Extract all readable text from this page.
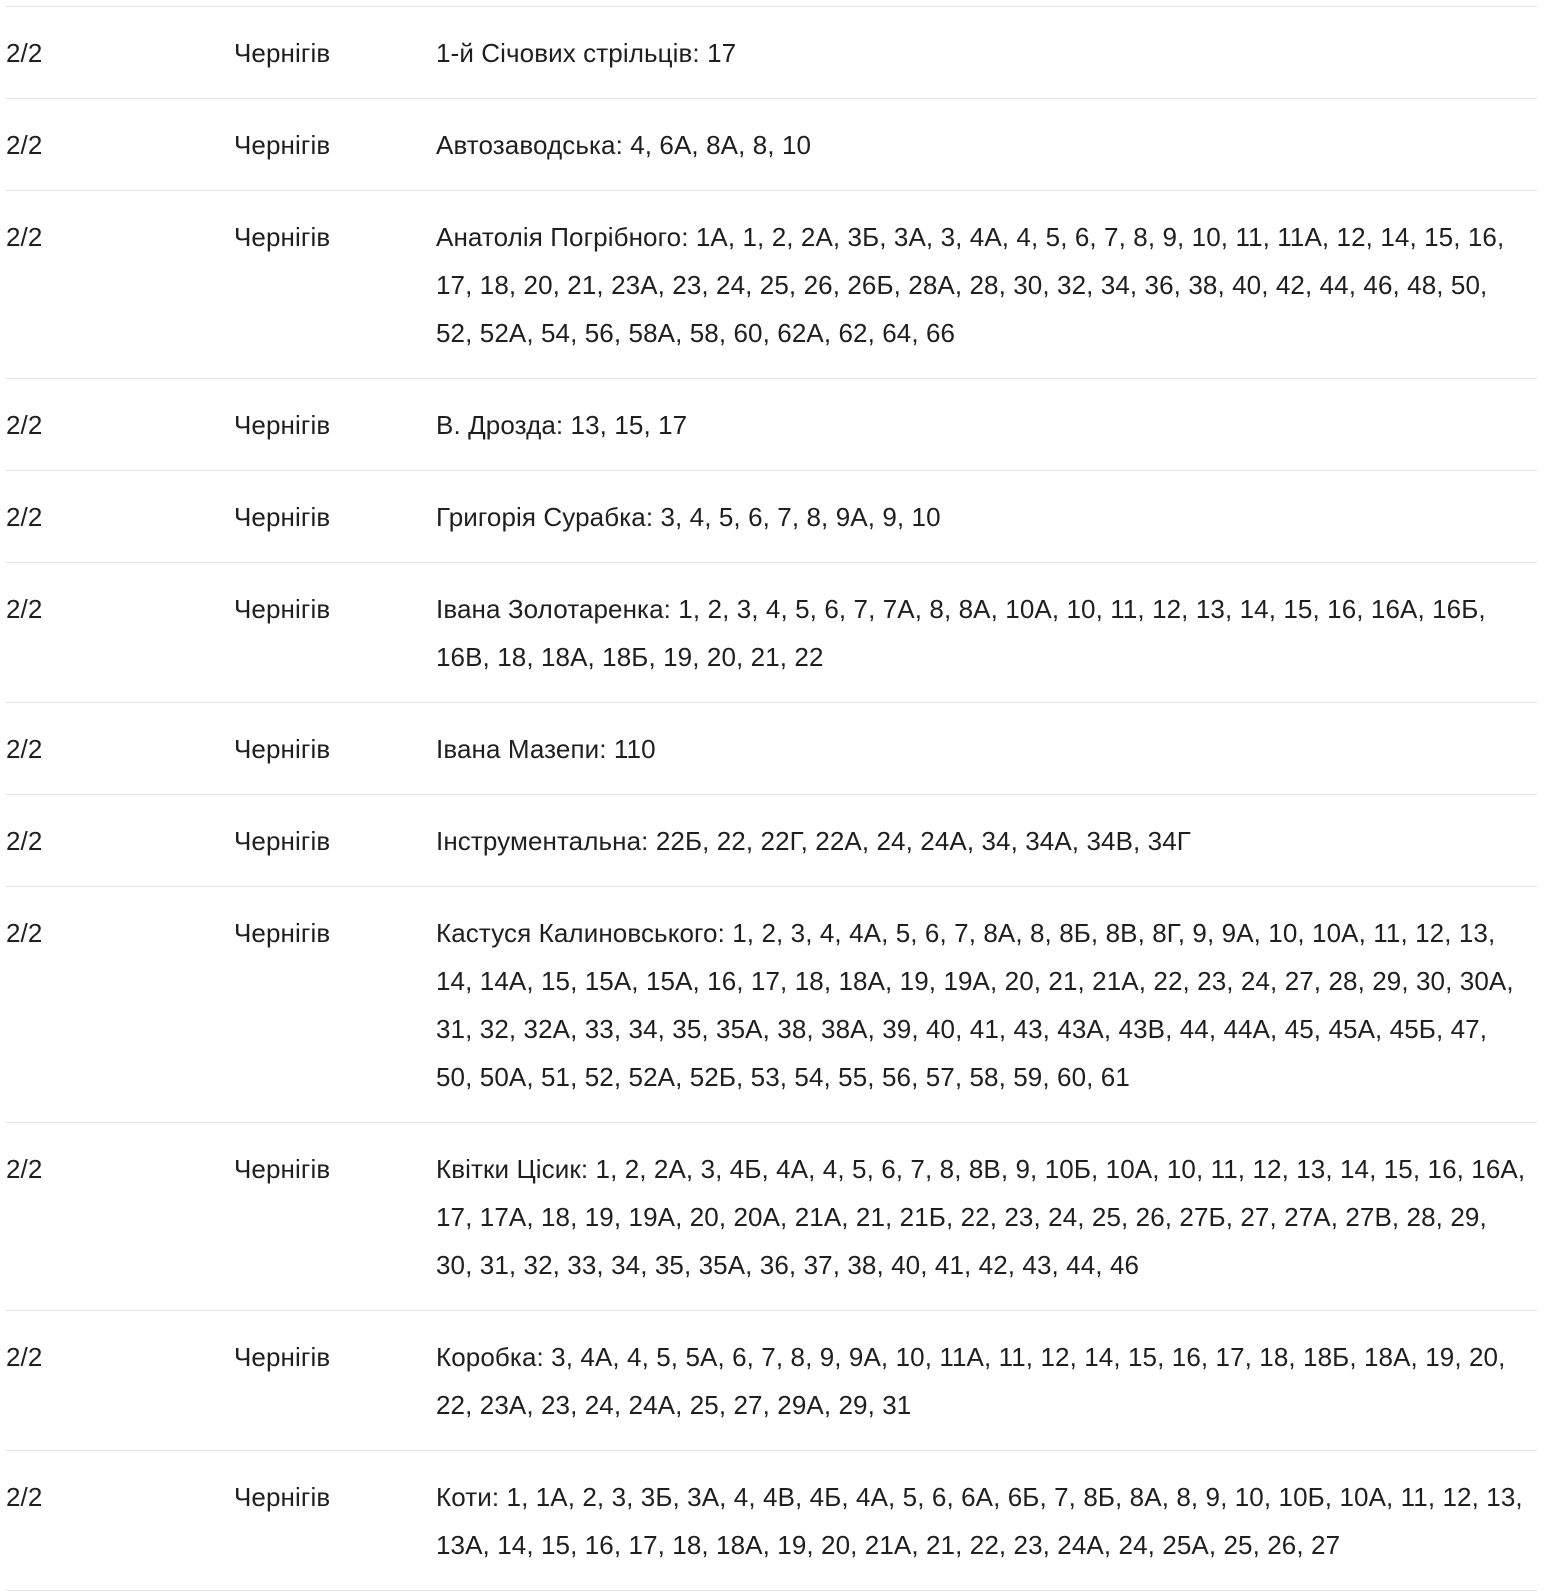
2/2	Чернігів	1-й Січових стрільців: 17
2/2	Чернігів	Автозаводська: 4, 6А, 8А, 8, 10
2/2	Чернігів	Анатолія Погрібного: 1А, 1, 2, 2А, 3Б, 3А, 3, 4А, 4, 5, 6, 7, 8, 9, 10, 11, 11А, 12, 14, 15, 16, 17, 18, 20, 21, 23А, 23, 24, 25, 26, 26Б, 28А, 28, 30, 32, 34, 36, 38, 40, 42, 44, 46, 48, 50, 52, 52А, 54, 56, 58А, 58, 60, 62А, 62, 64, 66
2/2	Чернігів	В. Дрозда: 13, 15, 17
2/2	Чернігів	Григорія Сурабка: 3, 4, 5, 6, 7, 8, 9А, 9, 10
2/2	Чернігів	Івана Золотаренка: 1, 2, 3, 4, 5, 6, 7, 7А, 8, 8А, 10А, 10, 11, 12, 13, 14, 15, 16, 16А, 16Б, 16В, 18, 18А, 18Б, 19, 20, 21, 22
2/2	Чернігів	Івана Мазепи: 110
2/2	Чернігів	Інструментальна: 22Б, 22, 22Г, 22А, 24, 24А, 34, 34А, 34В, 34Г
2/2	Чернігів	Кастуся Калиновського: 1, 2, 3, 4, 4А, 5, 6, 7, 8А, 8, 8Б, 8В, 8Г, 9, 9А, 10, 10А, 11, 12, 13, 14, 14А, 15, 15А, 15А, 16, 17, 18, 18А, 19, 19А, 20, 21, 21А, 22, 23, 24, 27, 28, 29, 30, 30А, 31, 32, 32А, 33, 34, 35, 35А, 38, 38А, 39, 40, 41, 43, 43А, 43В, 44, 44А, 45, 45А, 45Б, 47, 50, 50А, 51, 52, 52А, 52Б, 53, 54, 55, 56, 57, 58, 59, 60, 61
2/2	Чернігів	Квітки Цісик: 1, 2, 2А, 3, 4Б, 4А, 4, 5, 6, 7, 8, 8В, 9, 10Б, 10А, 10, 11, 12, 13, 14, 15, 16, 16А, 17, 17А, 18, 19, 19А, 20, 20А, 21А, 21, 21Б, 22, 23, 24, 25, 26, 27Б, 27, 27А, 27В, 28, 29, 30, 31, 32, 33, 34, 35, 35А, 36, 37, 38, 40, 41, 42, 43, 44, 46
2/2	Чернігів	Коробка: 3, 4А, 4, 5, 5А, 6, 7, 8, 9, 9А, 10, 11А, 11, 12, 14, 15, 16, 17, 18, 18Б, 18А, 19, 20, 22, 23А, 23, 24, 24А, 25, 27, 29А, 29, 31
2/2	Чернігів	Коти: 1, 1А, 2, 3, 3Б, 3А, 4, 4В, 4Б, 4А, 5, 6, 6А, 6Б, 7, 8Б, 8А, 8, 9, 10, 10Б, 10А, 11, 12, 13, 13А, 14, 15, 16, 17, 18, 18А, 19, 20, 21А, 21, 22, 23, 24А, 24, 25А, 25, 26, 27
